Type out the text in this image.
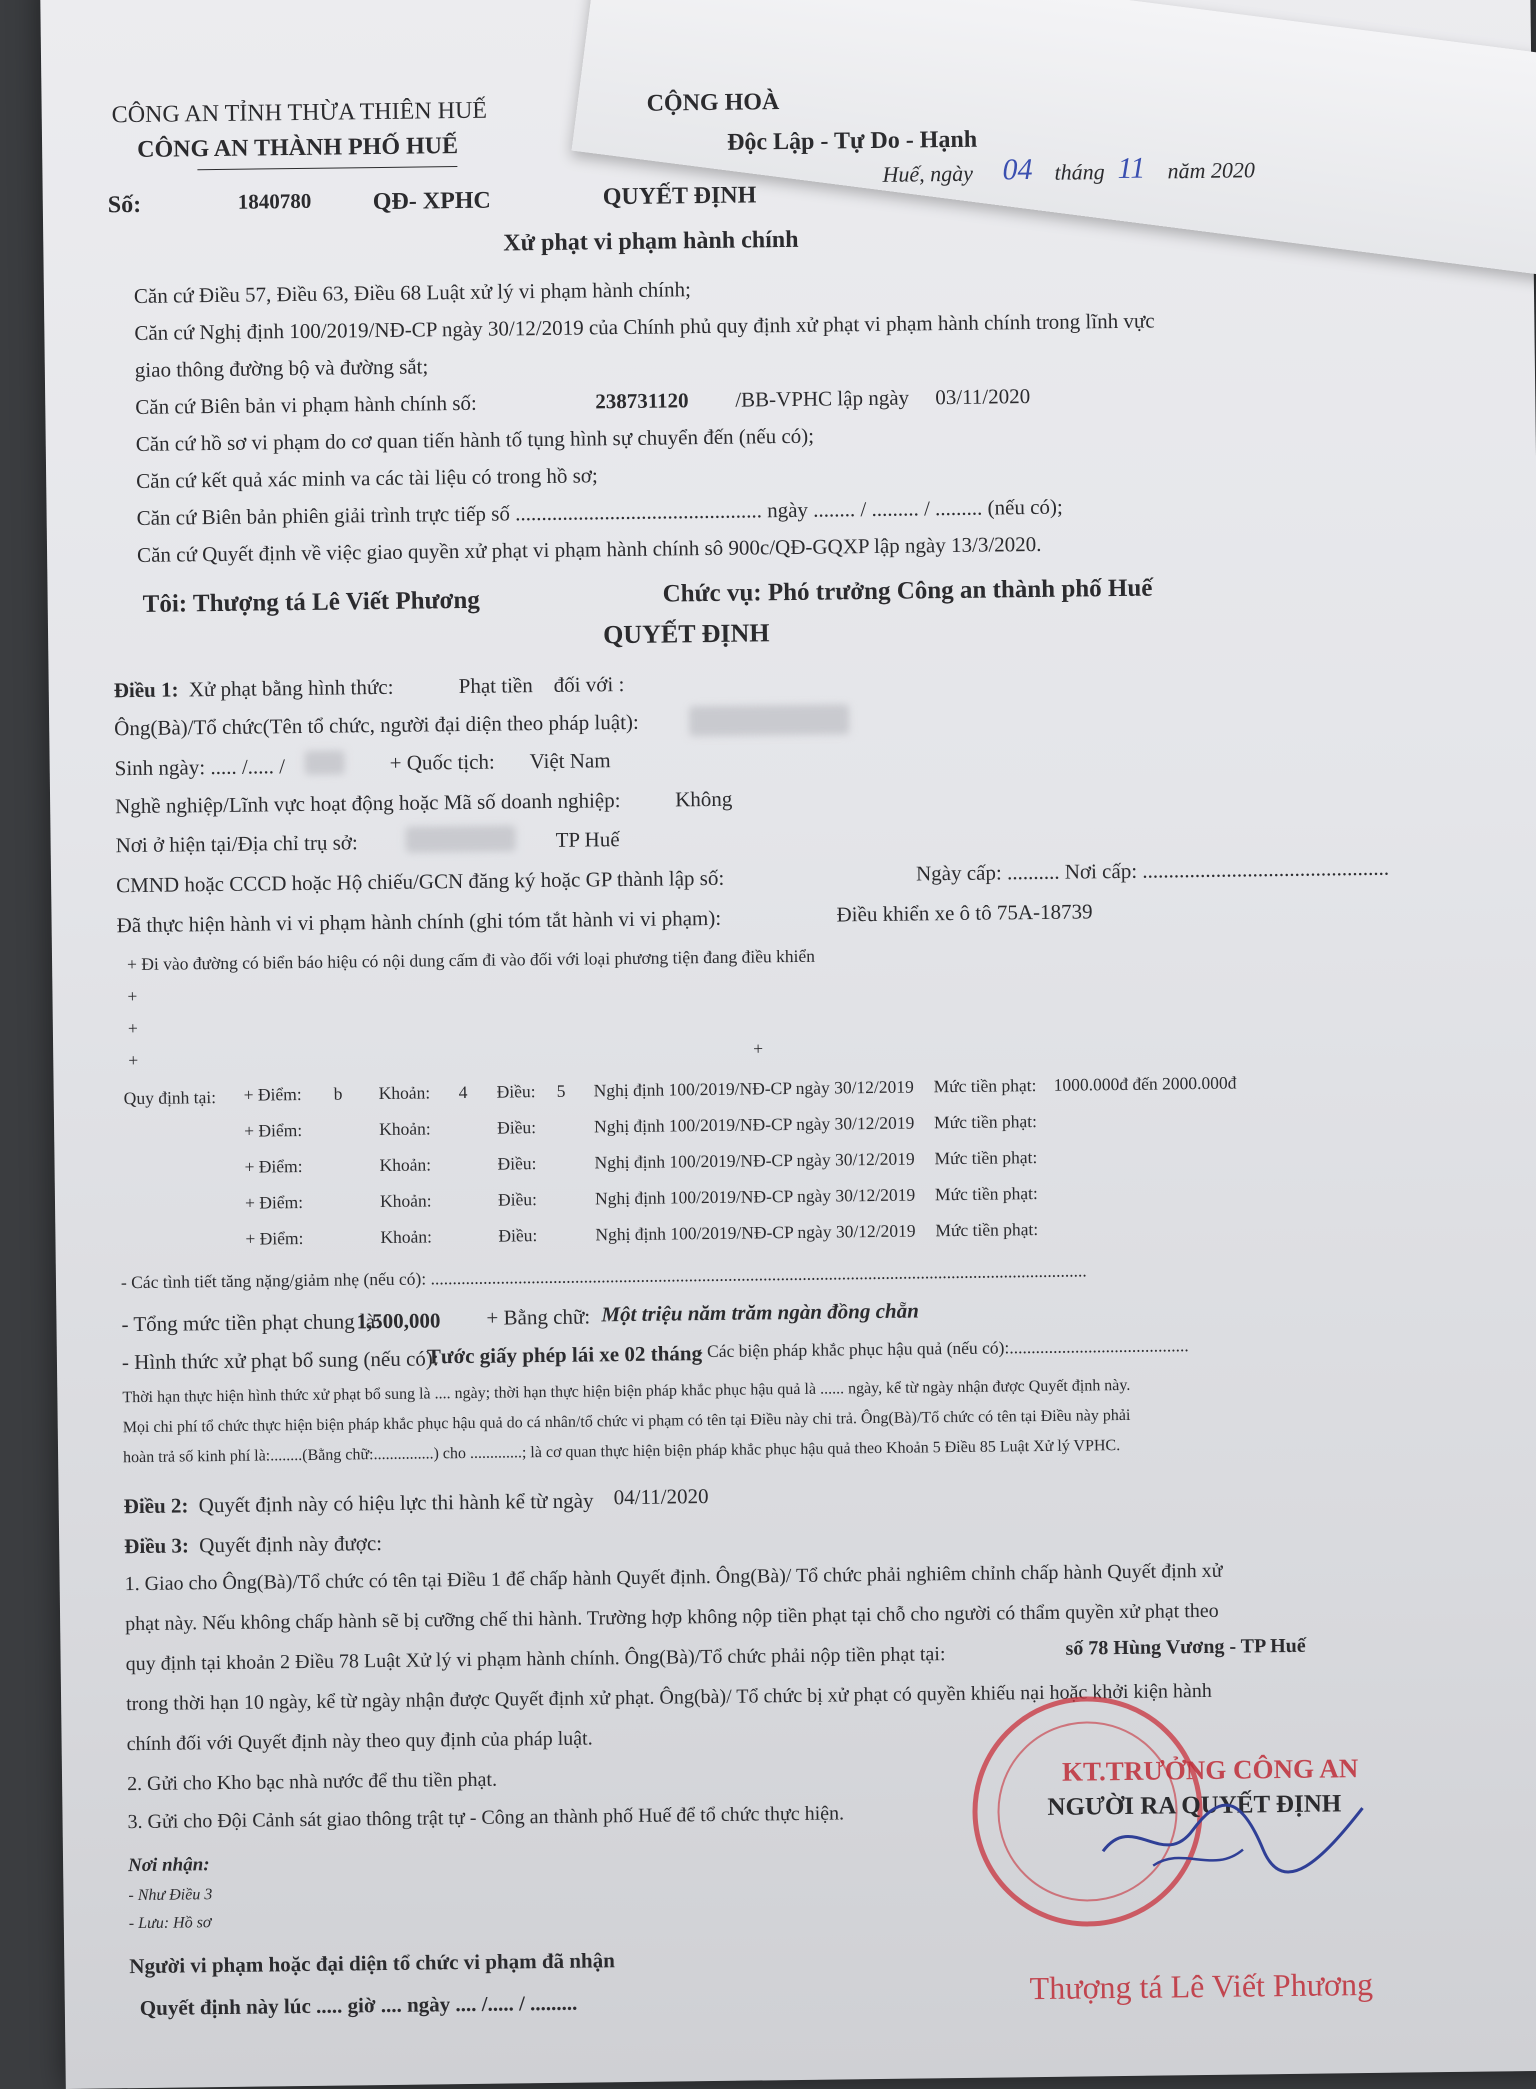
CÔNG AN TỈNH THỪA THIÊN HUẾ
CÔNG AN THÀNH PHỐ HUẾ
CỘNG HOÀ
Độc Lập - Tự Do - Hạnh
Số:	1840780	QĐ- XPHC	QUYẾT ĐỊNH
Huế, ngày 04 tháng 11 năm 2020
Xử phạt vi phạm hành chính
Căn cứ Điều 57, Điều 63, Điều 68 Luật xử lý vi phạm hành chính;
Căn cứ Nghị định 100/2019/NĐ-CP ngày 30/12/2019 của Chính phủ quy định xử phạt vi phạm hành chính trong lĩnh vực
giao thông đường bộ và đường sắt;
Căn cứ Biên bản vi phạm hành chính số:	238731120 /BB-VPHC lập ngày 03/11/2020
Căn cứ hồ sơ vi phạm do cơ quan tiến hành tố tụng hình sự chuyển đến (nếu có);
Căn cứ kết quả xác minh va các tài liệu có trong hồ sơ;
Căn cứ Biên bản phiên giải trình trực tiếp số ............................................... ngày ........ / ......... / ......... (nếu có);
Căn cứ Quyết định về việc giao quyền xử phạt vi phạm hành chính sô 900c/QĐ-GQXP lập ngày 13/3/2020.
Tôi: Thượng tá Lê Viết Phương	Chức vụ: Phó trưởng Công an thành phố Huế
QUYẾT ĐỊNH
Điều 1: Xử phạt bằng hình thức:	Phạt tiền đối với :
Ông(Bà)/Tổ chức(Tên tổ chức, người đại diện theo pháp luật):
Sinh ngày: ..... /..... /	+ Quốc tịch: Việt Nam
Nghề nghiệp/Lĩnh vực hoạt động hoặc Mã số doanh nghiệp:	Không
Nơi ở hiện tại/Địa chỉ trụ sở:	TP Huế
CMND hoặc CCCD hoặc Hộ chiếu/GCN đăng ký hoặc GP thành lập số:	Ngày cấp: .......... Nơi cấp: ...............................................
Đã thực hiện hành vi vi phạm hành chính (ghi tóm tắt hành vi vi phạm):	Điều khiển xe ô tô 75A-18739
+ Đi vào đường có biển báo hiệu có nội dung cấm đi vào đối với loại phương tiện đang điều khiển
+
+
+
+
Quy định tại: + Điểm: b Khoản: 4 Điều: 5 Nghị định 100/2019/NĐ-CP ngày 30/12/2019 Mức tiền phạt: 1000.000đ đến 2000.000đ
+ Điểm:	Khoản:	Điều:	Nghị định 100/2019/NĐ-CP ngày 30/12/2019 Mức tiền phạt:
+ Điểm:	Khoản:	Điều:	Nghị định 100/2019/NĐ-CP ngày 30/12/2019 Mức tiền phạt:
+ Điểm:	Khoản:	Điều:	Nghị định 100/2019/NĐ-CP ngày 30/12/2019 Mức tiền phạt:
+ Điểm:	Khoản:	Điều:	Nghị định 100/2019/NĐ-CP ngày 30/12/2019 Mức tiền phạt:
- Các tình tiết tăng nặng/giảm nhẹ (nếu có): ......................................................................................................................................................
- Tổng mức tiền phạt chung là:
1,500,000 + Bằng chữ: Một triệu năm trăm ngàn đồng chẵn
- Hình thức xử phạt bổ sung (nếu có):
Tước giấy phép lái xe 02 tháng
- Các biện pháp khắc phục hậu quả (nếu có):.........................................
Thời hạn thực hiện hình thức xử phạt bổ sung là .... ngày; thời hạn thực hiện biện pháp khắc phục hậu quả là ...... ngày, kể từ ngày nhận được Quyết định này.
Mọi chi phí tổ chức thực hiện biện pháp khắc phục hậu quả do cá nhân/tổ chức vi phạm có tên tại Điều này chi trả. Ông(Bà)/Tổ chức có tên tại Điều này phải
hoàn trả số kinh phí là:........(Bằng chữ:...............) cho .............; là cơ quan thực hiện biện pháp khắc phục hậu quả theo Khoản 5 Điều 85 Luật Xử lý VPHC.
Điều 2: Quyết định này có hiệu lực thi hành kể từ ngày 04/11/2020
Điều 3: Quyết định này được:
1. Giao cho Ông(Bà)/Tổ chức có tên tại Điều 1 để chấp hành Quyết định. Ông(Bà)/ Tổ chức phải nghiêm chỉnh chấp hành Quyết định xử
phạt này. Nếu không chấp hành sẽ bị cưỡng chế thi hành. Trường hợp không nộp tiền phạt tại chỗ cho người có thẩm quyền xử phạt theo
quy định tại khoản 2 Điều 78 Luật Xử lý vi phạm hành chính. Ông(Bà)/Tổ chức phải nộp tiền phạt tại:	số 78 Hùng Vương - TP Huế
trong thời hạn 10 ngày, kể từ ngày nhận được Quyết định xử phạt. Ông(bà)/ Tổ chức bị xử phạt có quyền khiếu nại hoặc khởi kiện hành
chính đối với Quyết định này theo quy định của pháp luật.
2. Gửi cho Kho bạc nhà nước để thu tiền phạt.
3. Gửi cho Đội Cảnh sát giao thông trật tự - Công an thành phố Huế để tổ chức thực hiện.
Nơi nhận:
- Như Điều 3
- Lưu: Hồ sơ
Người vi phạm hoặc đại diện tổ chức vi phạm đã nhận
Quyết định này lúc ..... giờ .... ngày .... /..... / .........
KT.TRƯỞNG CÔNG AN
NGƯỜI RA QUYẾT ĐỊNH
Thượng tá Lê Viết Phương
